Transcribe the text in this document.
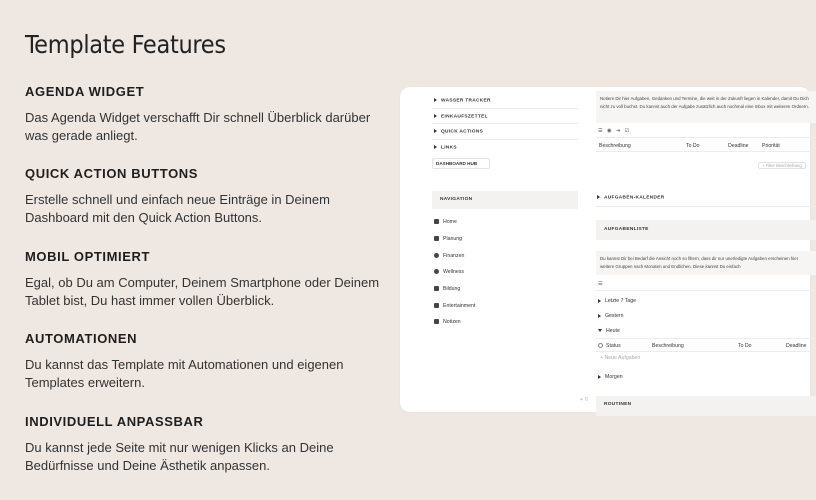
Template Features
AGENDA WIDGET

Das Agenda Widget verschafft Dir schnell Überblick darüber was gerade anliegt.

QUICK ACTION BUTTONS

Erstelle schnell und einfach neue Einträge in Deinem Dashboard mit den Quick Action Buttons.

MOBIL OPTIMIERT

Egal, ob Du am Computer, Deinem Smartphone oder Deinem Tablet bist, Du hast immer vollen Überblick.

AUTOMATIONEN

Du kannst das Template mit Automationen und eigenen Templates erweitern.

INDIVIDUELL ANPASSBAR

Du kannst jede Seite mit nur wenigen Klicks an Deine Bedürfnisse und Deine Ästhetik anpassen.

WASSER TRACKER
EINKAUFSZETTEL
QUICK ACTIONS
LINKS
DASHBOARD HUB
NAVIGATION
Home
Planung
Finanzen
Wellness
Bildung
Entertainment
Notizen
+ ⠿
Notiere Dir hier Aufgaben, Gedanken und Termine, die weit in der Zukunft liegen in Kalender, damit Du Dich nicht zu voll buchst. Du kannst auch der Aufgabe zusätzlich auch nochmal eine Inbox mit weiteren Ordnern.
☰   ◉   ⇥   ☑
Beschreibung	To Do	Deadline	Priorität
+ Filter Beschreibung
AUFGABEN-KALENDER
AUFGABENLISTE
Du kannst Dir bei Bedarf die Ansicht noch so filtern, dass dir nur unerledigte Aufgaben erscheinen hier weitere Gruppen nach Monaten und Endlichen. Diese kannst Du einfach
☰
Letzte 7 Tage
Gestern
Heute
Status	Beschreibung	To Do	Deadline
+ Neue Aufgaben
Morgen
ROUTINEN
